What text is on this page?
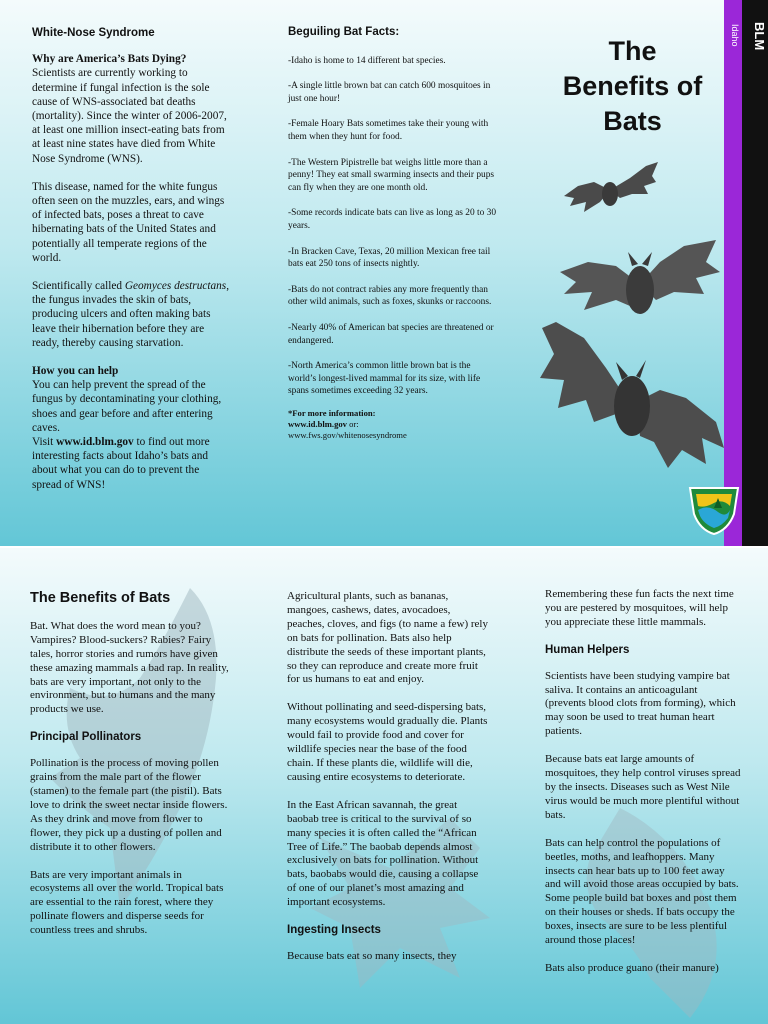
White-Nose Syndrome
Why are America’s Bats Dying?

Scientists are currently working to determine if fungal infection is the sole cause of WNS-associated bat deaths (mortality). Since the winter of 2006-2007, at least one million insect-eating bats from at least nine states have died from White Nose Syndrome (WNS).

This disease, named for the white fungus often seen on the muzzles, ears, and wings of infected bats, poses a threat to cave hibernating bats of the United States and potentially all temperate regions of the world.

Scientifically called Geomyces destructans, the fungus invades the skin of bats, producing ulcers and often making bats leave their hibernation before they are ready, thereby causing starvation.

How you can help
You can help prevent the spread of the fungus by decontaminating your clothing, shoes and gear before and after entering caves.
Visit www.id.blm.gov to find out more interesting facts about Idaho’s bats and about what you can do to prevent the spread of WNS!
Beguiling Bat Facts:

-Idaho is home to 14 different bat species.

-A single little brown bat can catch 600 mosquitoes in just one hour!

-Female Hoary Bats sometimes take their young with them when they hunt for food.

-The Western Pipistrelle bat weighs little more than a penny! They eat small swarming insects and their pups can fly when they are one month old.

-Some records indicate bats can live as long as 20 to 30 years.

-In Bracken Cave, Texas, 20 million Mexican free tail bats eat 250 tons of insects nightly.

-Bats do not contract rabies any more frequently than other wild animals, such as foxes, skunks or raccoons.

-Nearly 40% of American bat species are threatened or endangered.

-North America’s common little brown bat is the world’s longest-lived mammal for its size, with life spans sometimes exceeding 32 years.

*For more information:
www.id.blm.gov or:
www.fws.gov/whitenosesyndrome
The
Benefits of
Bats
BLM
Idaho
The Benefits of Bats

Bat. What does the word mean to you? Vampires? Blood-suckers? Rabies? Fairy tales, horror stories and rumors have given these amazing mammals a bad rap. In reality, bats are very important, not only to the environment, but to humans and the many products we use.

Principal Pollinators

Pollination is the process of moving pollen grains from the male part of the flower (stamen) to the female part (the pistil). Bats love to drink the sweet nectar inside flowers. As they drink and move from flower to flower, they pick up a dusting of pollen and distribute it to other flowers.

Bats are very important animals in ecosystems all over the world. Tropical bats are essential to the rain forest, where they pollinate flowers and disperse seeds for countless trees and shrubs.

Agricultural plants, such as bananas, mangoes, cashews, dates, avocadoes, peaches, cloves, and figs (to name a few) rely on bats for pollination. Bats also help distribute the seeds of these important plants, so they can reproduce and create more fruit for us humans to eat and enjoy.

Without pollinating and seed-dispersing bats, many ecosystems would gradually die. Plants would fail to provide food and cover for wildlife species near the base of the food chain. If these plants die, wildlife will die, causing entire ecosystems to deteriorate.

In the East African savannah, the great baobab tree is critical to the survival of so many species it is often called the “African Tree of Life.” The baobab depends almost exclusively on bats for pollination. Without bats, baobabs would die, causing a collapse of one of our planet’s most amazing and important ecosystems.

Ingesting Insects

Because bats eat so many insects, they

Remembering these fun facts the next time you are pestered by mosquitoes, will help you appreciate these little mammals.

Human Helpers

Scientists have been studying vampire bat saliva. It contains an anticoagulant (prevents blood clots from forming), which may soon be used to treat human heart patients.

Because bats eat large amounts of mosquitoes, they help control viruses spread by the insects. Diseases such as West Nile virus would be much more plentiful without bats.

Bats can help control the populations of beetles, moths, and leafhoppers. Many insects can hear bats up to 100 feet away and will avoid those areas occupied by bats. Some people build bat boxes and post them on their houses or sheds. If bats occupy the boxes, insects are sure to be less plentiful around those places!

Bats also produce guano (their manure)
